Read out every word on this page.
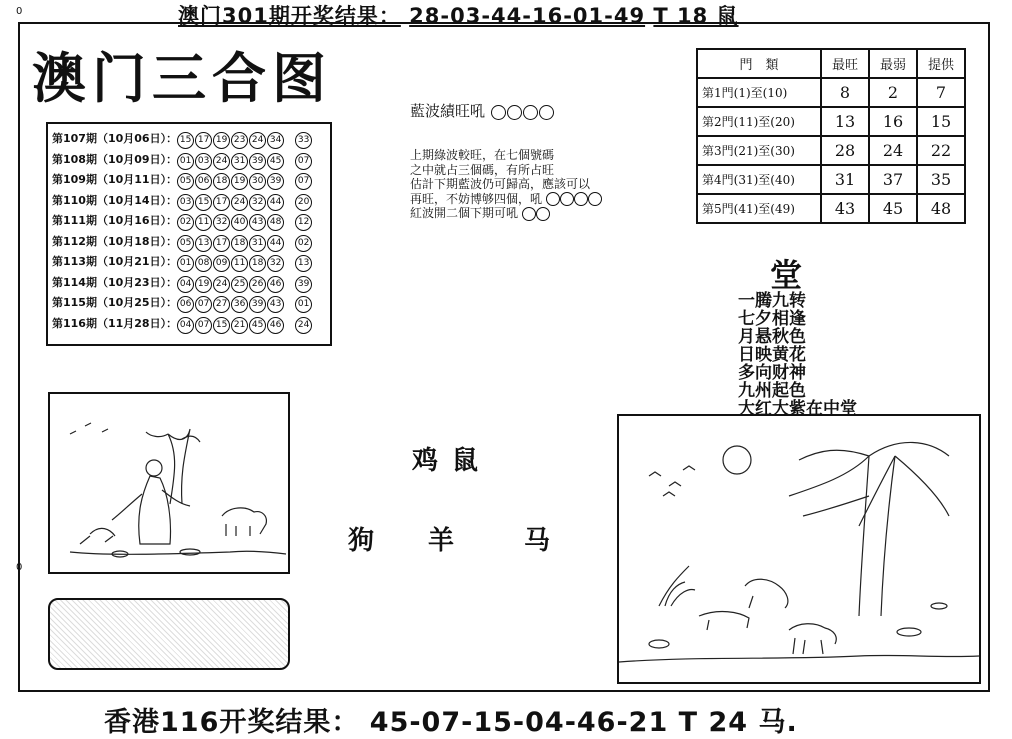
澳门301期开奖结果： 28-03-44-16-01-49 T 18 鼠
0
0
澳门三合图
第107期（10月06日）： 15 17 19 23 24 34 33
第108期（10月09日）： 01 03 24 31 39 45 07
第109期（10月11日）： 05 06 18 19 30 39 07
第110期（10月14日）： 03 15 17 24 32 44 20
第111期（10月16日）： 02 11 32 40 43 48 12
第112期（10月18日）： 05 13 17 18 31 44 02
第113期（10月21日）： 01 08 09 11 18 32 13
第114期（10月23日）： 04 19 24 25 26 46 39
第115期（10月25日）： 06 07 27 36 39 43 01
第116期（11月28日）： 04 07 15 21 45 46 24
藍波績旺吼
上期綠波較旺，在七個號碼
之中就占三個碼，有所占旺
估計下期藍波仍可歸高，應該可以
再旺，不妨博够四個，吼
紅波開二個下期可吼
門　類	最旺	最弱	提供
第1門(1)至(10)	8	2	7
第2門(11)至(20)	13	16	15
第3門(21)至(30)	28	24	22
第4門(31)至(40)	31	37	35
第5門(41)至(49)	43	45	48
堂
一腾九转
七夕相逢
月悬秋色
日映黄花
多向财神
九州起色
大红大紫在中堂
鸡 鼠
狗 羊	马
香港116开奖结果： 45-07-15-04-46-21 T 24 马.
